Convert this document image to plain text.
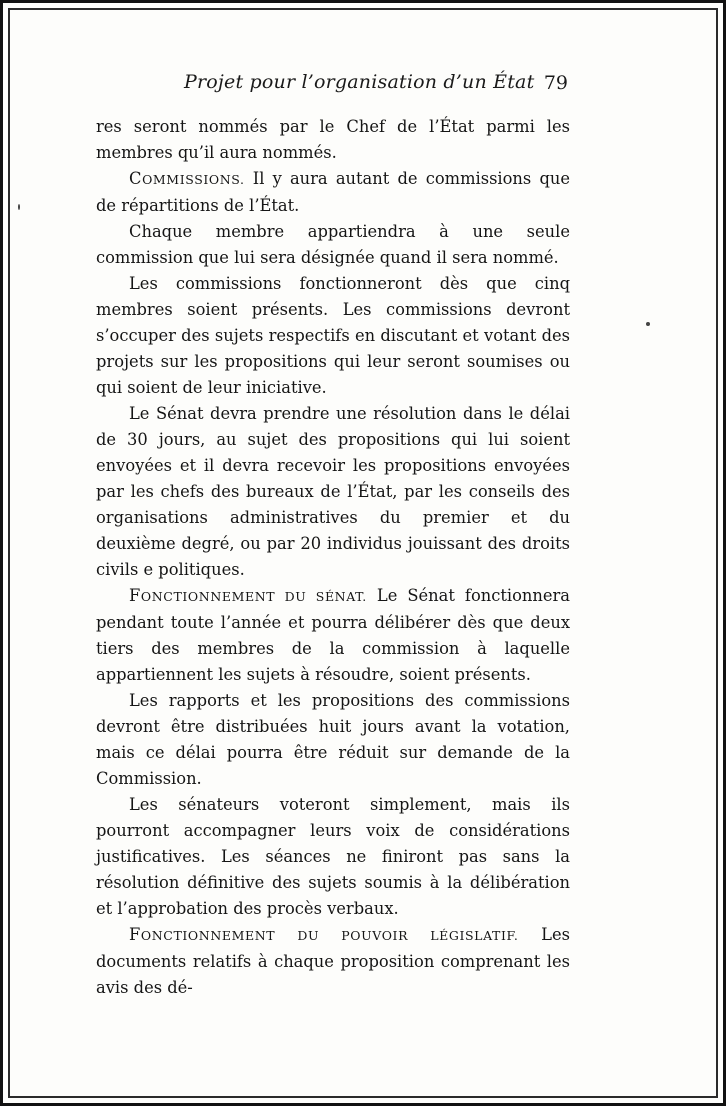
Projet pour l’organisation d’un État 79

res seront nommés par le Chef de l’État parmi les membres qu’il aura nommés.

COMMISSIONS. Il y aura autant de commissions que de répartitions de l’État.

Chaque membre appartiendra à une seule commission que lui sera désignée quand il sera nommé.

Les commissions fonctionneront dès que cinq membres soient présents. Les commissions devront s’occuper des sujets respectifs en discutant et votant des projets sur les propositions qui leur seront soumises ou qui soient de leur iniciative.

Le Sénat devra prendre une résolution dans le délai de 30 jours, au sujet des propositions qui lui soient envoyées et il devra recevoir les propositions envoyées par les chefs des bureaux de l’État, par les conseils des organisations administratives du premier et du deuxième degré, ou par 20 individus jouissant des droits civils e politiques.

FONCTIONNEMENT DU SÉNAT. Le Sénat fonctionnera pendant toute l’année et pourra délibérer dès que deux tiers des membres de la commission à laquelle appartiennent les sujets à résoudre, soient présents.

Les rapports et les propositions des commissions devront être distribuées huit jours avant la votation, mais ce délai pourra être réduit sur demande de la Commission.

Les sénateurs voteront simplement, mais ils pourront accompagner leurs voix de considérations justificatives. Les séances ne finiront pas sans la résolution définitive des sujets soumis à la délibération et l’approbation des procès verbaux.

FONCTIONNEMENT DU POUVOIR LÉGISLATIF. Les documents relatifs à chaque proposition comprenant les avis des dé-
